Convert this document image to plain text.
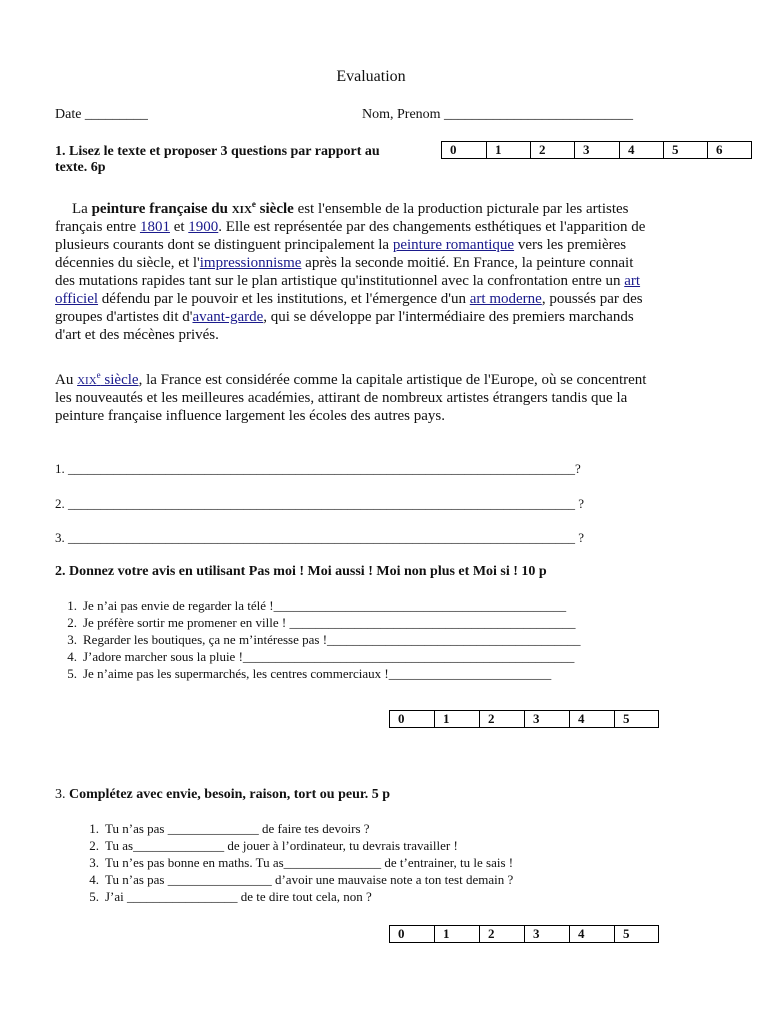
Evaluation
Date _________	Nom, Prenom ___________________________
1. Lisez le texte et proposer 3 questions par rapport au
texte. 6p
0	1	2	3	4	5	6
La peinture française du xix$^e$ siècle est l'ensemble de la production picturale par les artistes français entre 1801 et 1900. Elle est représentée par des changements esthétiques et l'apparition de plusieurs courants dont se distinguent principalement la peinture romantique vers les premières décennies du siècle, et l'impressionnisme après la seconde moitié. En France, la peinture connait des mutations rapides tant sur le plan artistique qu'institutionnel avec la confrontation entre un art officiel défendu par le pouvoir et les institutions, et l'émergence d'un art moderne, poussés par des groupes d'artistes dit d'avant-garde, qui se développe par l'intermédiaire des premiers marchands d'art et des mécènes privés.
Au xix$^e$ siècle, la France est considérée comme la capitale artistique de l'Europe, où se concentrent les nouveautés et les meilleures académies, attirant de nombreux artistes étrangers tandis que la peinture française influence largement les écoles des autres pays.
1. ______________________________________________________________________________?
2. ______________________________________________________________________________ ?
3. ______________________________________________________________________________ ?
2. Donnez votre avis en utilisant Pas moi ! Moi aussi ! Moi non plus et Moi si ! 10 p
1. Je n’ai pas envie de regarder la télé !_____________________________________________
2. Je préfère sortir me promener en ville ! ____________________________________________
3. Regarder les boutiques, ça ne m’intéresse pas !_______________________________________
4. J’adore marcher sous la pluie !___________________________________________________
5. Je n’aime pas les supermarchés, les centres commerciaux !_________________________
0	1	2	3	4	5
3. Complétez avec envie, besoin, raison, tort ou peur. 5 p
1. Tu n’as pas ______________ de faire tes devoirs ?
2. Tu as______________ de jouer à l’ordinateur, tu devrais travailler !
3. Tu n’es pas bonne en maths. Tu as_______________ de t’entrainer, tu le sais !
4. Tu n’as pas ________________ d’avoir une mauvaise note a ton test demain ?
5. J’ai _________________ de te dire tout cela, non ?
0	1	2	3	4	5
